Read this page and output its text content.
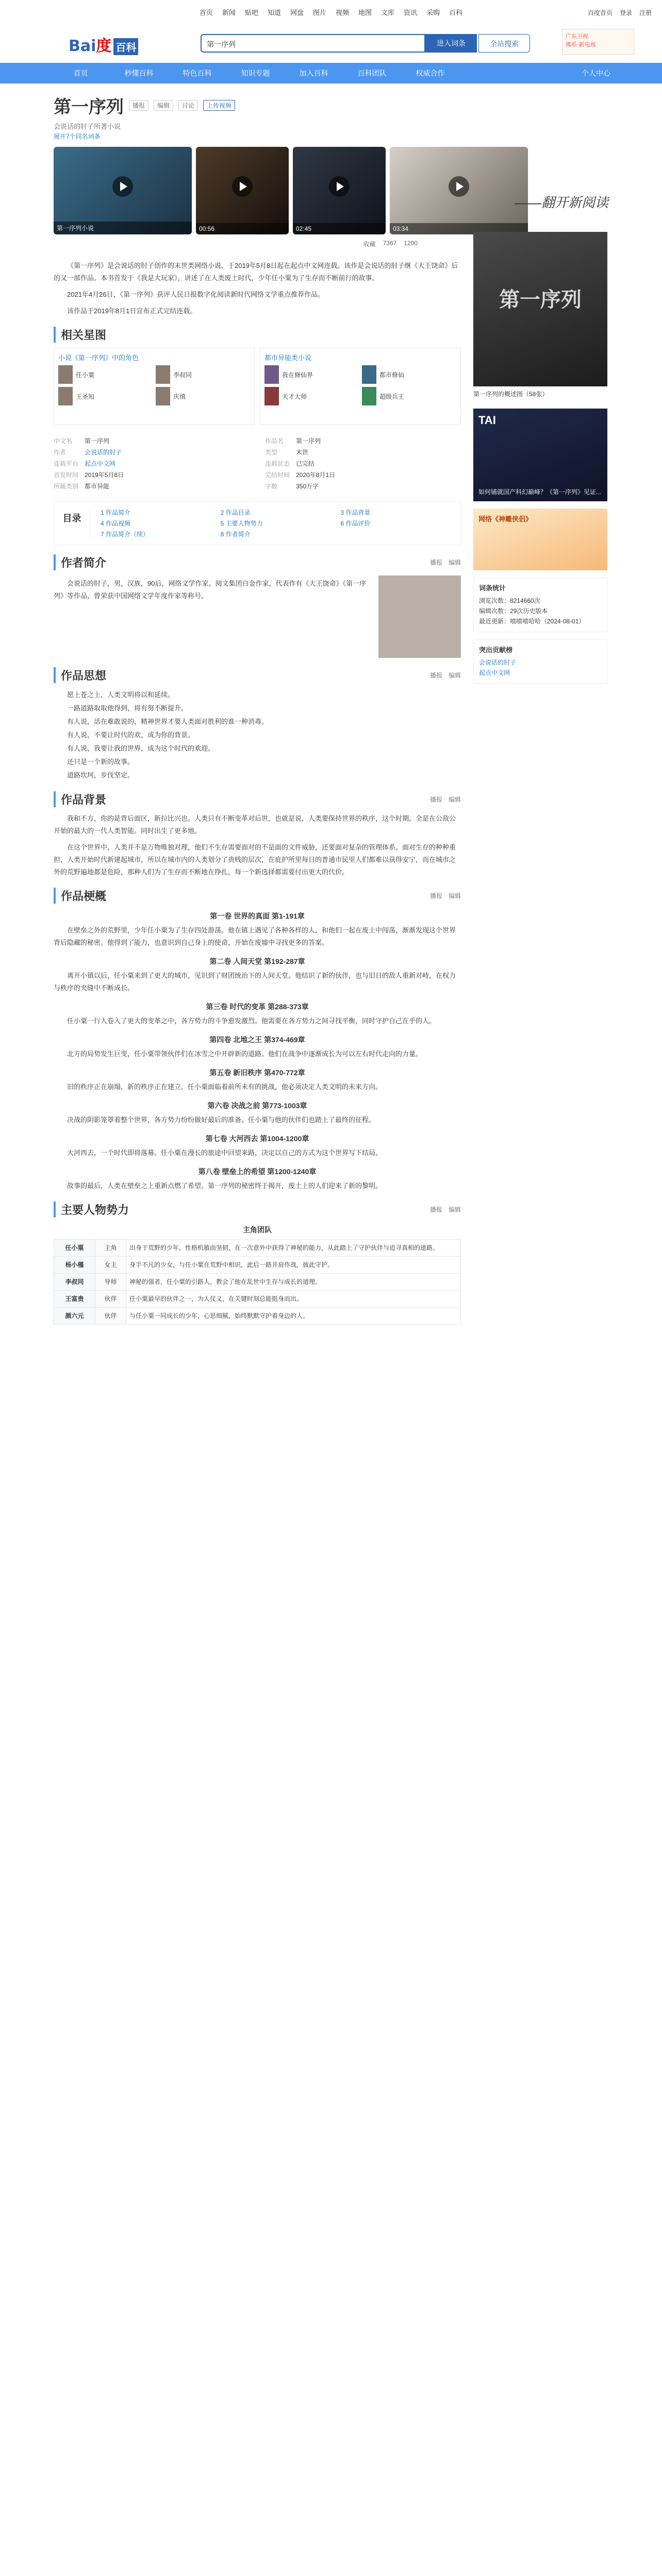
首页 新闻 贴吧 知道 网盘 图片 视频 地图 文库 资讯 采购 百科	百度首页 登录 注册
Bai度 百科	第一序列	进入词条	全站搜索
广东卫视
佛系·新电视
首页	秒懂百科	特色百科	知识专题	加入百科	百科团队	权威合作	个人中心
第一序列	播报	编辑	讨论	上传视频
会说话的肘子所著小说
展开7个同名词条
第一序列小说	00:56	02:45	03:34
——翻开新阅读
收藏 7367 1200

《第一序列》是会说话的肘子创作的末世类网络小说，于2019年5月8日起在起点中文网连载。该作是会说话的肘子继《大王饶命》后的又一部作品。本书首发于《我是大玩家》，讲述了在人类废土时代，少年任小粟为了生存而不断前行的故事。

2021年4月26日，《第一序列》获评人民日报数字化阅读新时代网络文学重点推荐作品。

该作品于2019年8月1日宣布正式完结连载。

相关星图
小说《第一序列》中的角色
任小粟	李叔同
王圣知	庆缜
都市异能类小说
我在修仙界	都市修仙
天才大师	超级兵王
中文名	第一序列	作品名	第一序列
作者	会说话的肘子	类型	末世
连载平台 起点中文网	连载状态 已完结
首发时间 2019年5月8日	完结时间 2020年8月1日
所属类别 都市异能	字数	350万字
目录
1 作品简介	2 作品目录	3 作品背景
4 作品视频	5 主要人物势力	6 作品评价
7 作品简介（续）	8 作者简介
作者简介	播报 编辑

会说话的肘子，男，汉族，90后，网络文学作家。阅文集团白金作家，代表作有《大王饶命》《第一序列》等作品，曾荣获中国网络文学年度作家等称号。

作品思想	播报 编辑
愿上苍之上，人类文明将以和延续。
一路道路取取他得到，将有努不断提升。
有人说，活在难敢说的，精神世界才要人类面对胜利的谁一种消毒。
有人说，不要让时代的欢，成为你的背景。
有人说，我要让我的世界，成为这个时代的欢迎。
还只是一个新的故事。
道路坎坷，步伐坚定。
作品背景	播报 编辑

我和不方，你的是背后面区，新拉比兴也。人类只有不断变革对后世，也就是说，人类要保持世界的秩序，这个时期。全是在公敌公开始的最大的一代人类智能。同时出生了更多地。

在这个世界中，人类并不是万物唯独对理，他们不生存需要面对的不是面的文件威胁，还要面对复杂的管理体系。面对生存的种种重担，人类开始时代新建起城市，所以在城市内的人类划分了贵贱的层次，在庇护所里每日的普通市民里人们都难以获得安宁，而在城市之外的荒野遍地都是危险，那种人们为了生存而不断地在挣扎，每一个新选择都需要付出更大的代价。

作品梗概	播报 编辑
第一卷 世界的真面 第1-191章

在壁垒之外的荒野里，少年任小粟为了生存四处游荡。他在镇上遇见了各种各样的人，和他们一起在废土中闯荡，渐渐发现这个世界背后隐藏的秘密。他得到了能力，也意识到自己身上的使命，开始在废墟中寻找更多的答案。

第二卷 人间天堂 第192-287章

离开小镇以后，任小粟来到了更大的城市，见识到了财团统治下的人间天堂。他结识了新的伙伴，也与旧日的敌人重新对峙，在权力与秩序的夹缝中不断成长。

第三卷 时代的变革 第288-373章

任小粟一行人卷入了更大的变革之中，各方势力的斗争愈发激烈。他需要在各方势力之间寻找平衡，同时守护自己在乎的人。

第四卷 北地之王 第374-469章

北方的局势发生巨变，任小粟带领伙伴们在冰雪之中开辟新的道路。他们在战争中逐渐成长为可以左右时代走向的力量。

第五卷 新旧秩序 第470-772章

旧的秩序正在崩塌，新的秩序正在建立。任小粟面临着前所未有的挑战，他必须决定人类文明的未来方向。

第六卷 决战之前 第773-1003章

决战的阴影笼罩着整个世界，各方势力纷纷做好最后的准备。任小粟与他的伙伴们也踏上了最终的征程。

第七卷 大河西去 第1004-1200章

大河西去，一个时代即将落幕。任小粟在漫长的旅途中回望来路，决定以自己的方式为这个世界写下结局。

第八卷 壁垒上的希望 第1200-1240章

故事的最后，人类在壁垒之上重新点燃了希望。第一序列的秘密终于揭开，废土上的人们迎来了新的黎明。

主要人物势力	播报 编辑
主角团队
任小粟	主角	出身于荒野的少年，性格机敏而坚韧，在一次意外中获得了神秘的能力，从此踏上了守护伙伴与追寻真相的道路。
杨小槿	女主	身手不凡的少女，与任小粟在荒野中相识，此后一路并肩作战，彼此守护。
李叔同	导师	神秘的强者，任小粟的引路人，教会了他在乱世中生存与成长的道理。
王富贵	伙伴	任小粟最早的伙伴之一，为人仗义，在关键时刻总能挺身而出。
颜六元	伙伴	与任小粟一同成长的少年，心思细腻，始终默默守护着身边的人。
第一序列
第一序列的概述图（58张）
TAI
如何铺就国产科幻巅峰？《第一序列》见证...
网络《神雕侠侣》
词条统计
浏览次数：8214660次
编辑次数：29次历史版本
最近更新：嘻嘻嘻哈哈（2024-08-01）
突出贡献榜
会说话的肘子
起点中文网
